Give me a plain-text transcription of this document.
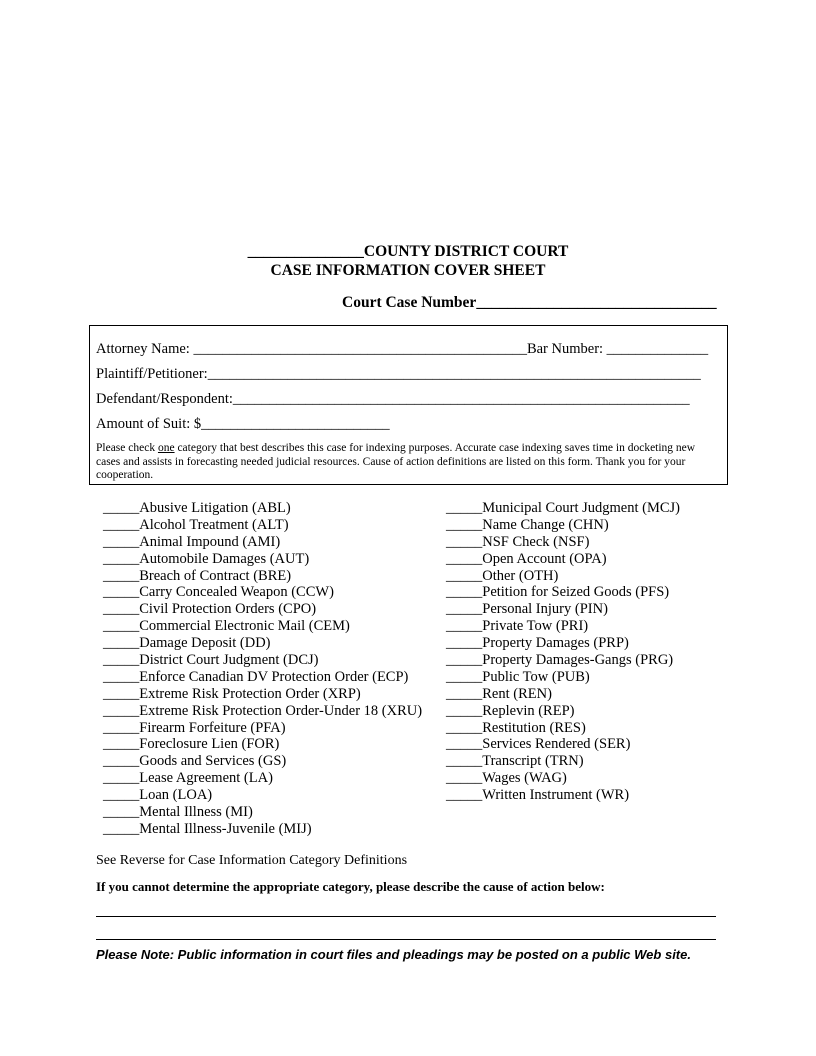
_______________COUNTY DISTRICT COURT
CASE INFORMATION COVER SHEET
Court Case Number_______________________________
Attorney Name: ______________________________________________Bar Number: ______________
Plaintiff/Petitioner:____________________________________________________________________
Defendant/Respondent:_______________________________________________________________
Amount of Suit: $__________________________
Please check one category that best describes this case for indexing purposes. Accurate case indexing saves time in docketing new cases and assists in forecasting needed judicial resources. Cause of action definitions are listed on this form. Thank you for your cooperation.
_____Abusive Litigation (ABL)
_____Alcohol Treatment (ALT)
_____Animal Impound (AMI)
_____Automobile Damages (AUT)
_____Breach of Contract (BRE)
_____Carry Concealed Weapon (CCW)
_____Civil Protection Orders (CPO)
_____Commercial Electronic Mail (CEM)
_____Damage Deposit (DD)
_____District Court Judgment (DCJ)
_____Enforce Canadian DV Protection Order (ECP)
_____Extreme Risk Protection Order (XRP)
_____Extreme Risk Protection Order-Under 18 (XRU)
_____Firearm Forfeiture (PFA)
_____Foreclosure Lien (FOR)
_____Goods and Services (GS)
_____Lease Agreement (LA)
_____Loan (LOA)
_____Mental Illness (MI)
_____Mental Illness-Juvenile (MIJ)
_____Municipal Court Judgment (MCJ)
_____Name Change (CHN)
_____NSF Check (NSF)
_____Open Account (OPA)
_____Other (OTH)
_____Petition for Seized Goods (PFS)
_____Personal Injury (PIN)
_____Private Tow (PRI)
_____Property Damages (PRP)
_____Property Damages-Gangs (PRG)
_____Public Tow (PUB)
_____Rent (REN)
_____Replevin (REP)
_____Restitution (RES)
_____Services Rendered (SER)
_____Transcript (TRN)
_____Wages (WAG)
_____Written Instrument (WR)
See Reverse for Case Information Category Definitions
If you cannot determine the appropriate category, please describe the cause of action below:
Please Note: Public information in court files and pleadings may be posted on a public Web site.
